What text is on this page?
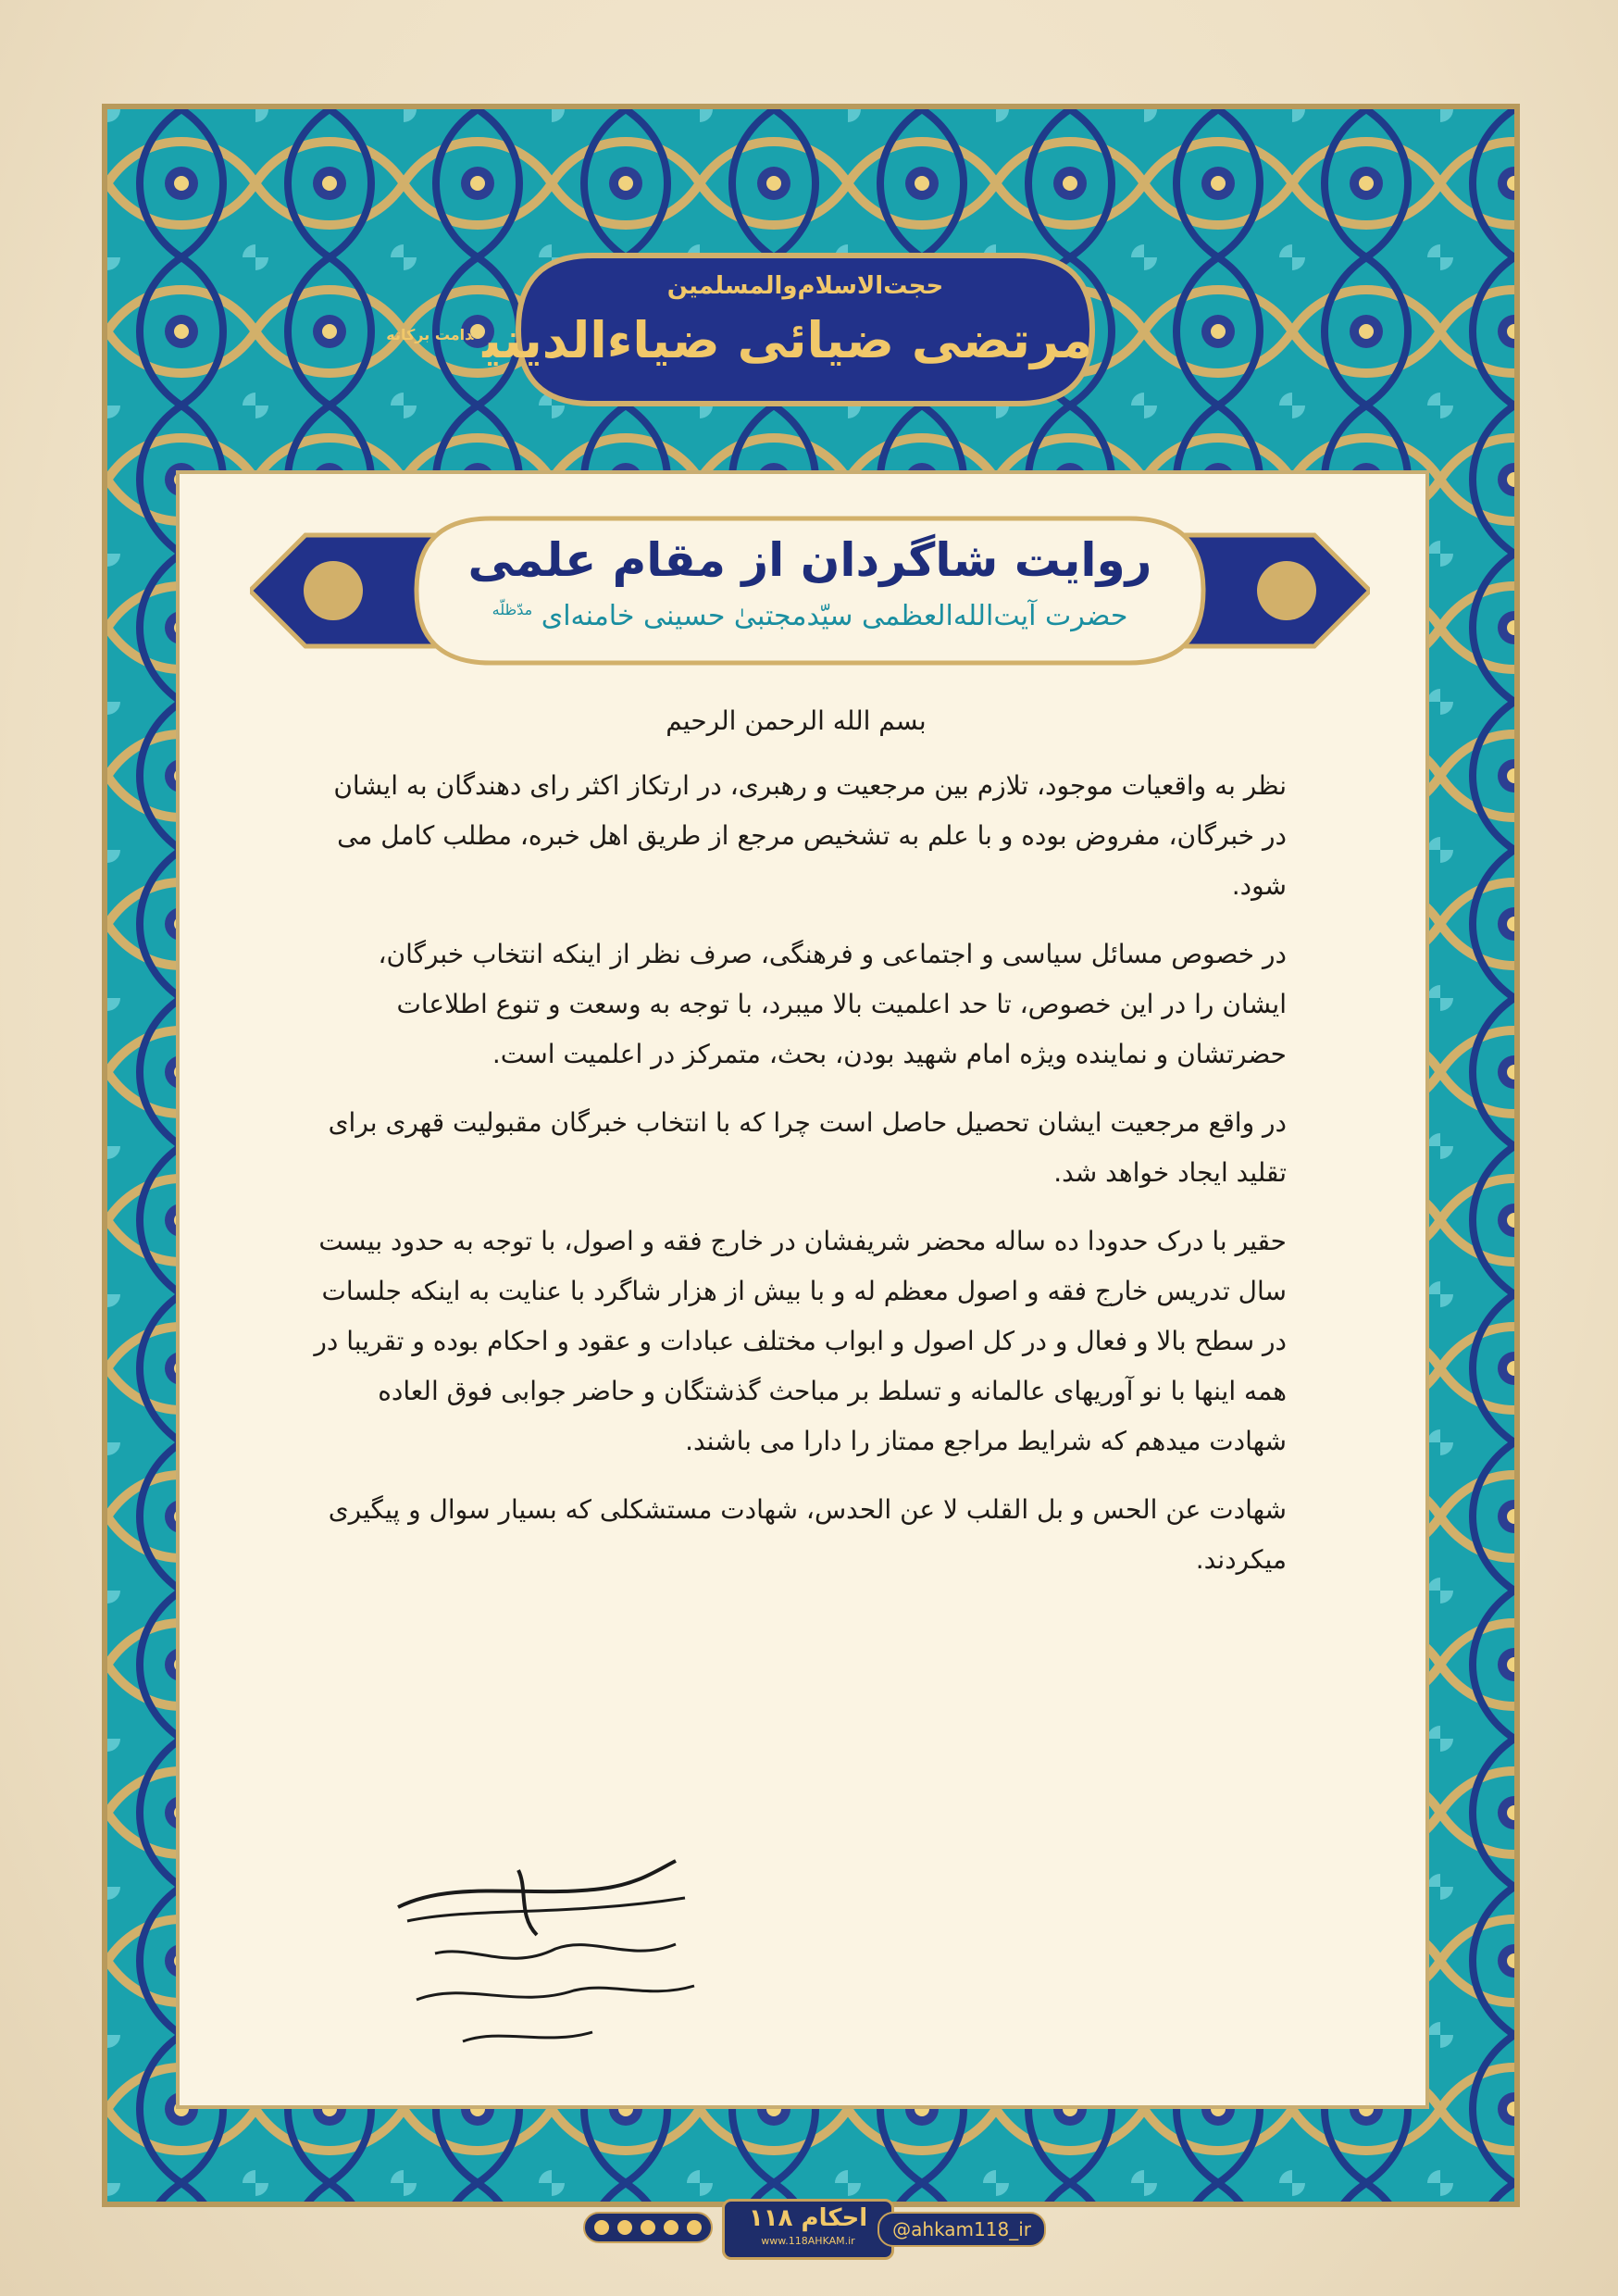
حجت‌الاسلام‌والمسلمین
مرتضی ضیائی ضیاءالدینی$^{دامت برکاته}$
روایت شاگردان از مقام علمی
حضرت آیت‌الله‌العظمی سیّدمجتبیٰ حسینی خامنه‌ای $^{مدّظلّه}$
بسم الله الرحمن الرحیم

نظر به واقعیات موجود، تلازم بین مرجعیت و رهبری، در ارتکاز اکثر رای دهندگان به ایشان در خبرگان، مفروض بوده و با علم به تشخیص مرجع از طریق اهل خبره، مطلب کامل می شود.

در خصوص مسائل سیاسی و اجتماعی و فرهنگی، صرف نظر از اینکه انتخاب خبرگان، ایشان را در این خصوص، تا حد اعلمیت بالا میبرد، با توجه به وسعت و تنوع اطلاعات حضرتشان و نماینده ویژه امام شهید بودن، بحث، متمرکز در اعلمیت است.

در واقع مرجعیت ایشان تحصیل حاصل است چرا که با انتخاب خبرگان مقبولیت قهری برای تقلید ایجاد خواهد شد.

حقیر با درک حدودا ده ساله محضر شریفشان در خارج فقه و اصول، با توجه به حدود بیست سال تدریس خارج فقه و اصول معظم له و با بیش از هزار شاگرد با عنایت به اینکه جلسات در سطح بالا و فعال و در کل اصول و ابواب مختلف عبادات و عقود و احکام بوده و تقریبا در همه اینها با نو آوریهای عالمانه و تسلط بر مباحث گذشتگان و حاضر جوابی فوق العاده شهادت میدهم که شرایط مراجع ممتاز را دارا می باشند.

شهادت عن الحس و بل القلب لا عن الحدس، شهادت مستشکلی که بسیار سوال و پیگیری میکردند.

۱۱۸ احکام
www.118AHKAM.ir
@ahkam118_ir
